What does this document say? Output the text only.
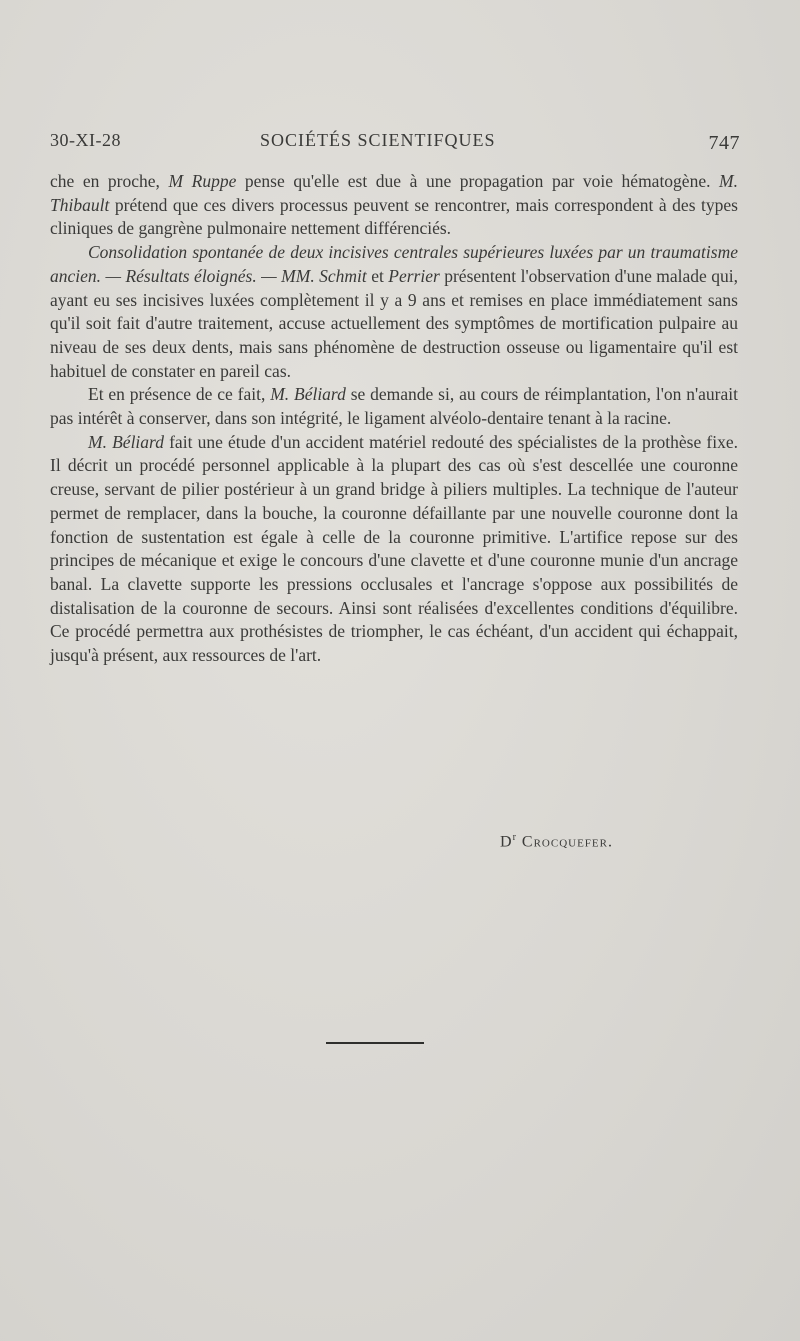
30-XI-28	SOCIÉTÉS SCIENTIFQUES	747

che en proche, M Ruppe pense qu'elle est due à une propagation par voie hématogène. M. Thibault prétend que ces divers processus peuvent se rencontrer, mais correspondent à des types cliniques de gangrène pulmonaire nettement différenciés.

Consolidation spontanée de deux incisives centrales supérieures luxées par un traumatisme ancien. — Résultats éloignés. — MM. Schmit et Perrier présentent l'observation d'une malade qui, ayant eu ses incisives luxées complètement il y a 9 ans et remises en place immédiatement sans qu'il soit fait d'autre traitement, accuse actuellement des symptômes de mortification pulpaire au niveau de ses deux dents, mais sans phénomène de destruction osseuse ou ligamentaire qu'il est habituel de constater en pareil cas.

Et en présence de ce fait, M. Béliard se demande si, au cours de réimplantation, l'on n'aurait pas intérêt à conserver, dans son intégrité, le ligament alvéolo-dentaire tenant à la racine.

M. Béliard fait une étude d'un accident matériel redouté des spécialistes de la prothèse fixe. Il décrit un procédé personnel applicable à la plupart des cas où s'est descellée une couronne creuse, servant de pilier postérieur à un grand bridge à piliers multiples. La technique de l'auteur permet de remplacer, dans la bouche, la couronne défaillante par une nouvelle couronne dont la fonction de sustentation est égale à celle de la couronne primitive. L'artifice repose sur des principes de mécanique et exige le concours d'une clavette et d'une couronne munie d'un ancrage banal. La clavette supporte les pressions occlusales et l'ancrage s'oppose aux possibilités de distalisation de la couronne de secours. Ainsi sont réalisées d'excellentes conditions d'équilibre. Ce procédé permettra aux prothésistes de triompher, le cas échéant, d'un accident qui échappait, jusqu'à présent, aux ressources de l'art.

$D^r$ Crocquefer.
